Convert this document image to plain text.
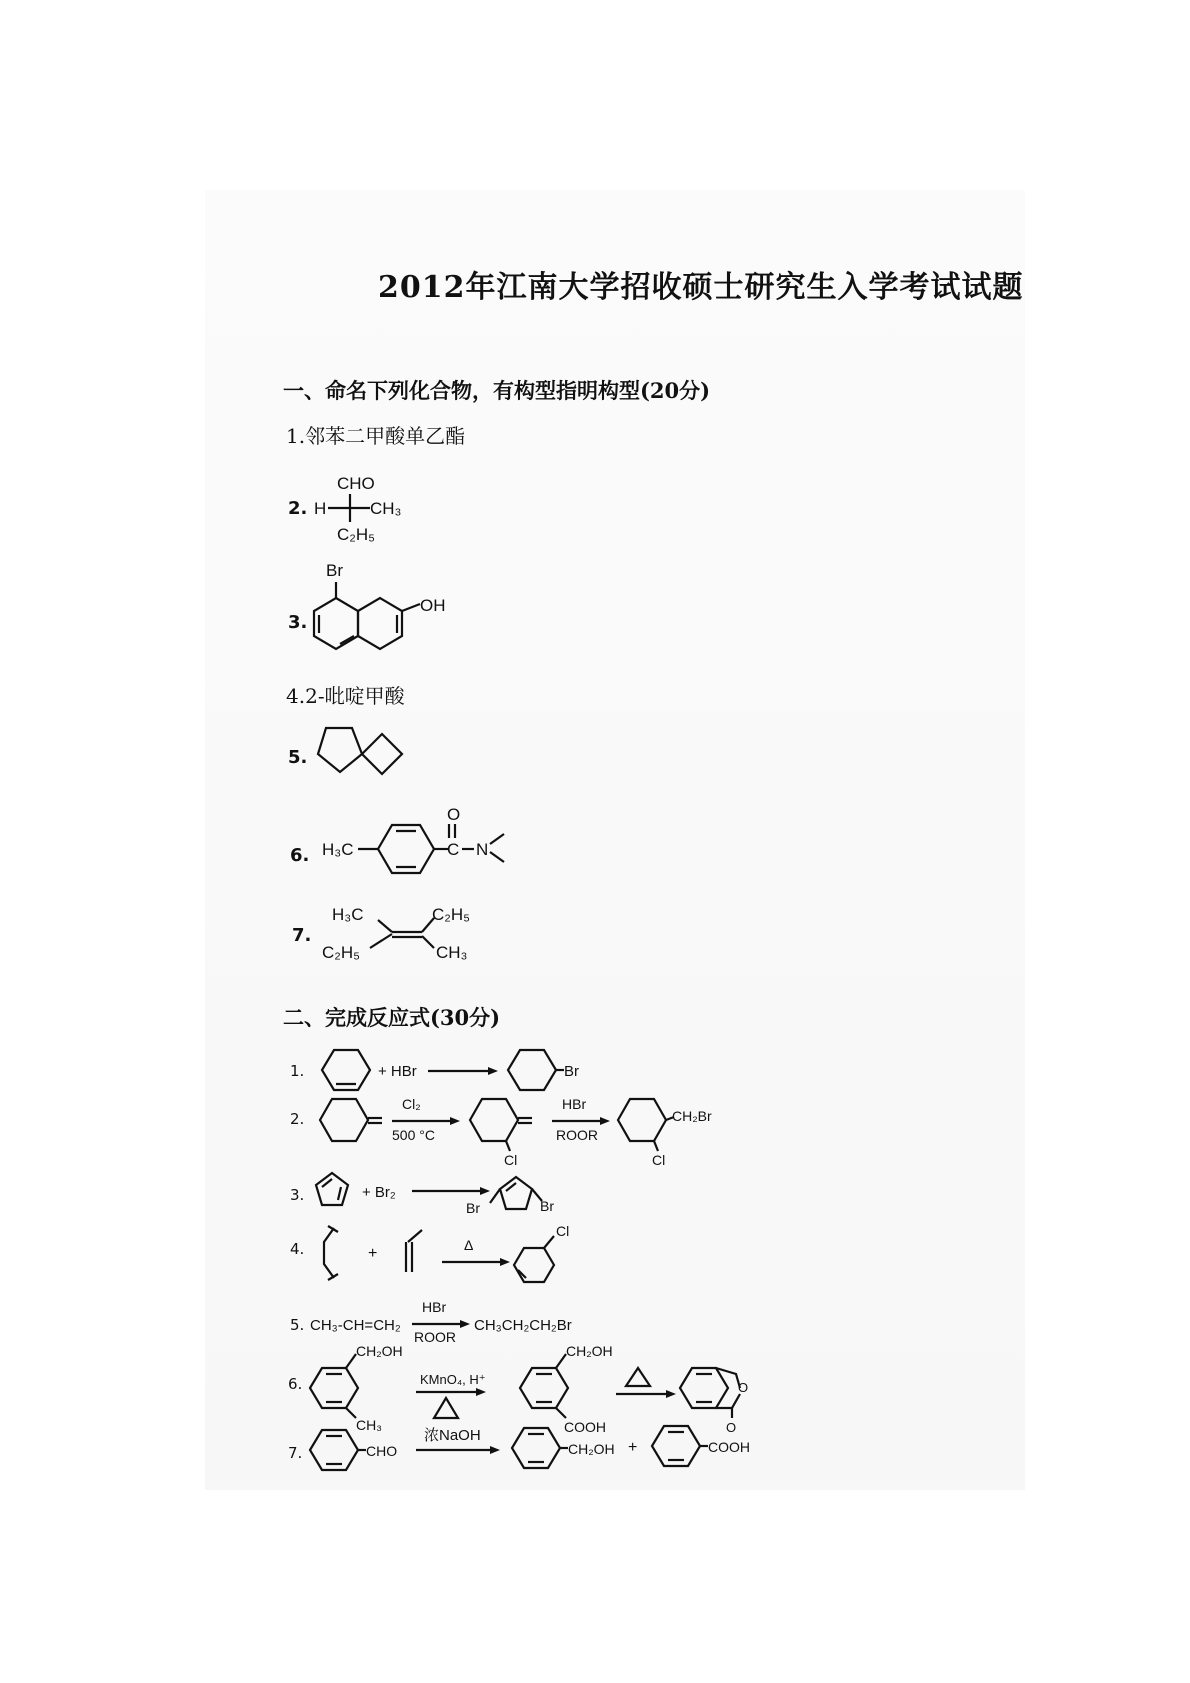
2012年江南大学招收硕士研究生入学考试试题
一、命名下列化合物，有构型指明构型(20分)
1.邻苯二甲酸单乙酯
2.
CHO
H	CH₃
C₂H₅
3.
Br
OH
4.2-吡啶甲酸
5.
6. H₃C
O
C N
7.
H₃C
C₂H₅
C₂H₅
CH₃
二、完成反应式(30分)
1.	+ HBr	Br
2.
Cl₂
500 °C
Cl
HBr
ROOR
CH₂Br
Cl
3.	+ Br₂
Br	Br
4.	+	Δ
Cl
5. CH₃-CH=CH₂
HBr
ROOR
CH₃CH₂CH₂Br
6.
CH₂OH
CH₃
KMnO₄, H⁺
CH₂OH
COOH
O
O
7.	CHO
浓NaOH
CH₂OH +	COOH
